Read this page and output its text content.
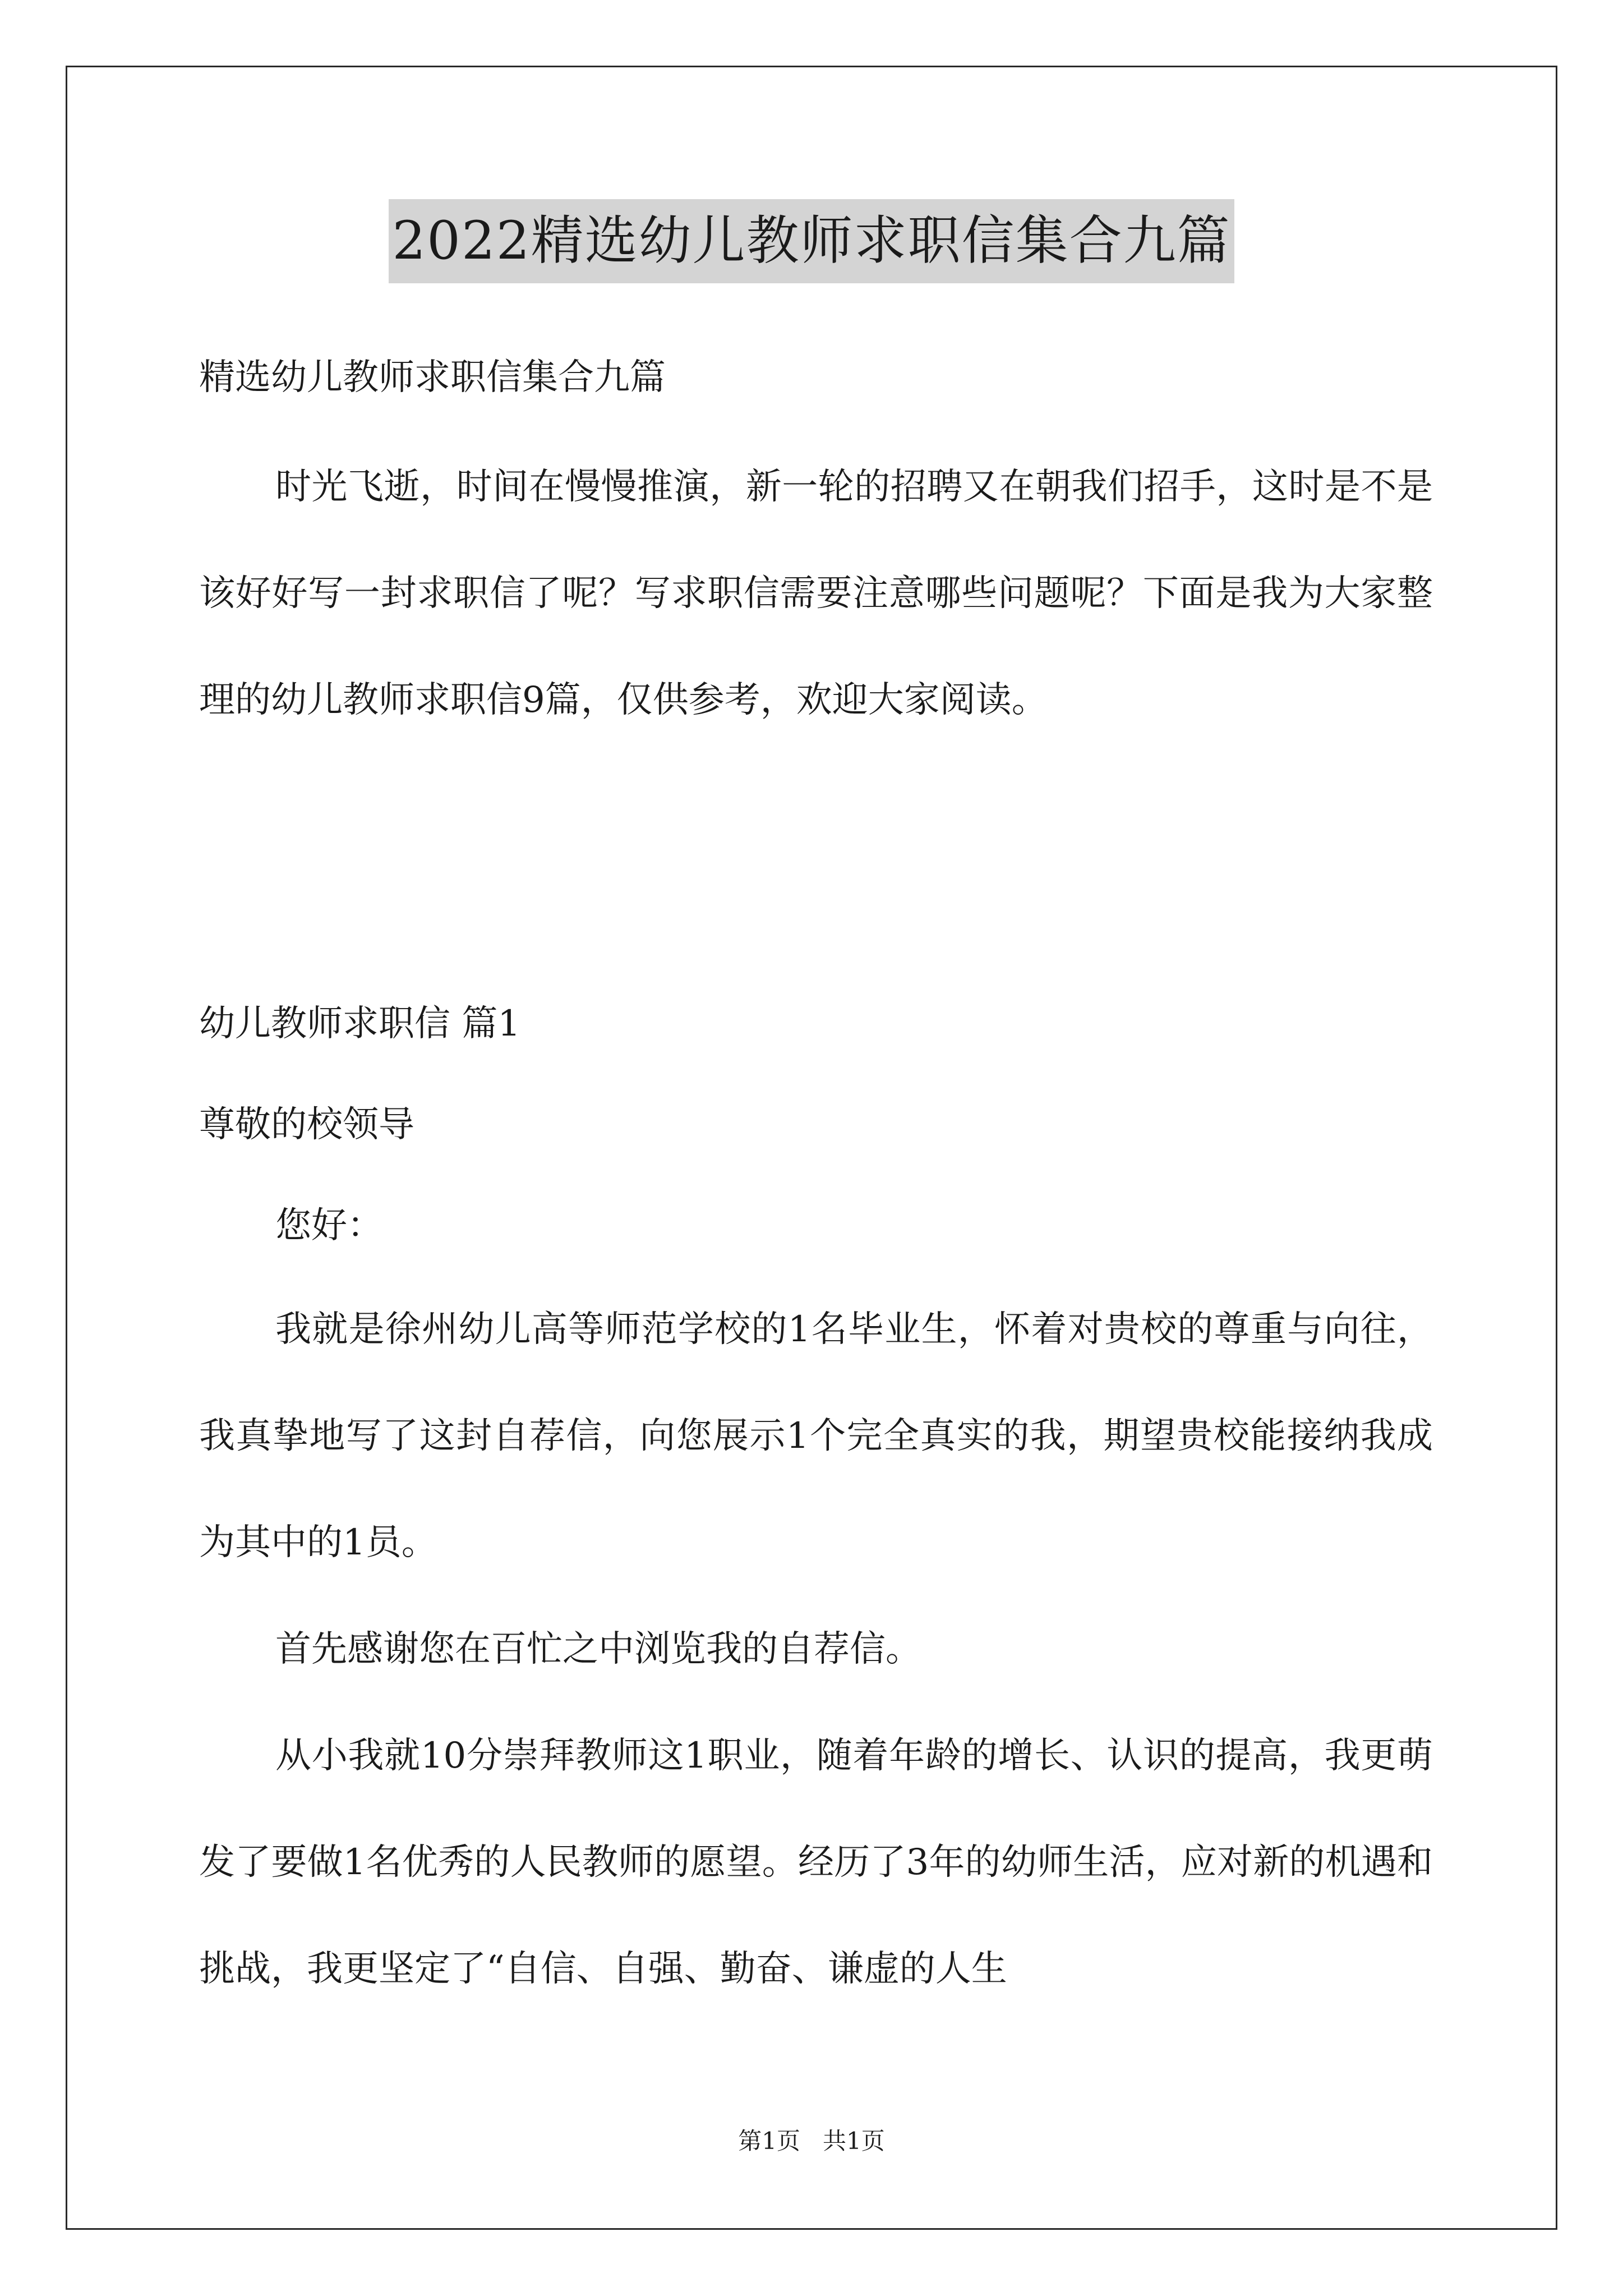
2022精选幼儿教师求职信集合九篇

精选幼儿教师求职信集合九篇

时光飞逝，时间在慢慢推演，新一轮的招聘又在朝我们招手，这时是不是该好好写一封求职信了呢？写求职信需要注意哪些问题呢？下面是我为大家整理的幼儿教师求职信9篇，仅供参考，欢迎大家阅读。

幼儿教师求职信 篇1

尊敬的校领导

您好：

我就是徐州幼儿高等师范学校的1名毕业生，怀着对贵校的尊重与向往，我真挚地写了这封自荐信，向您展示1个完全真实的我，期望贵校能接纳我成为其中的1员。

首先感谢您在百忙之中浏览我的自荐信。

从小我就10分崇拜教师这1职业，随着年龄的增长、认识的提高，我更萌发了要做1名优秀的人民教师的愿望。经历了3年的幼师生活，应对新的机遇和挑战，我更坚定了“自信、自强、勤奋、谦虚的人生

第1页   共1页
